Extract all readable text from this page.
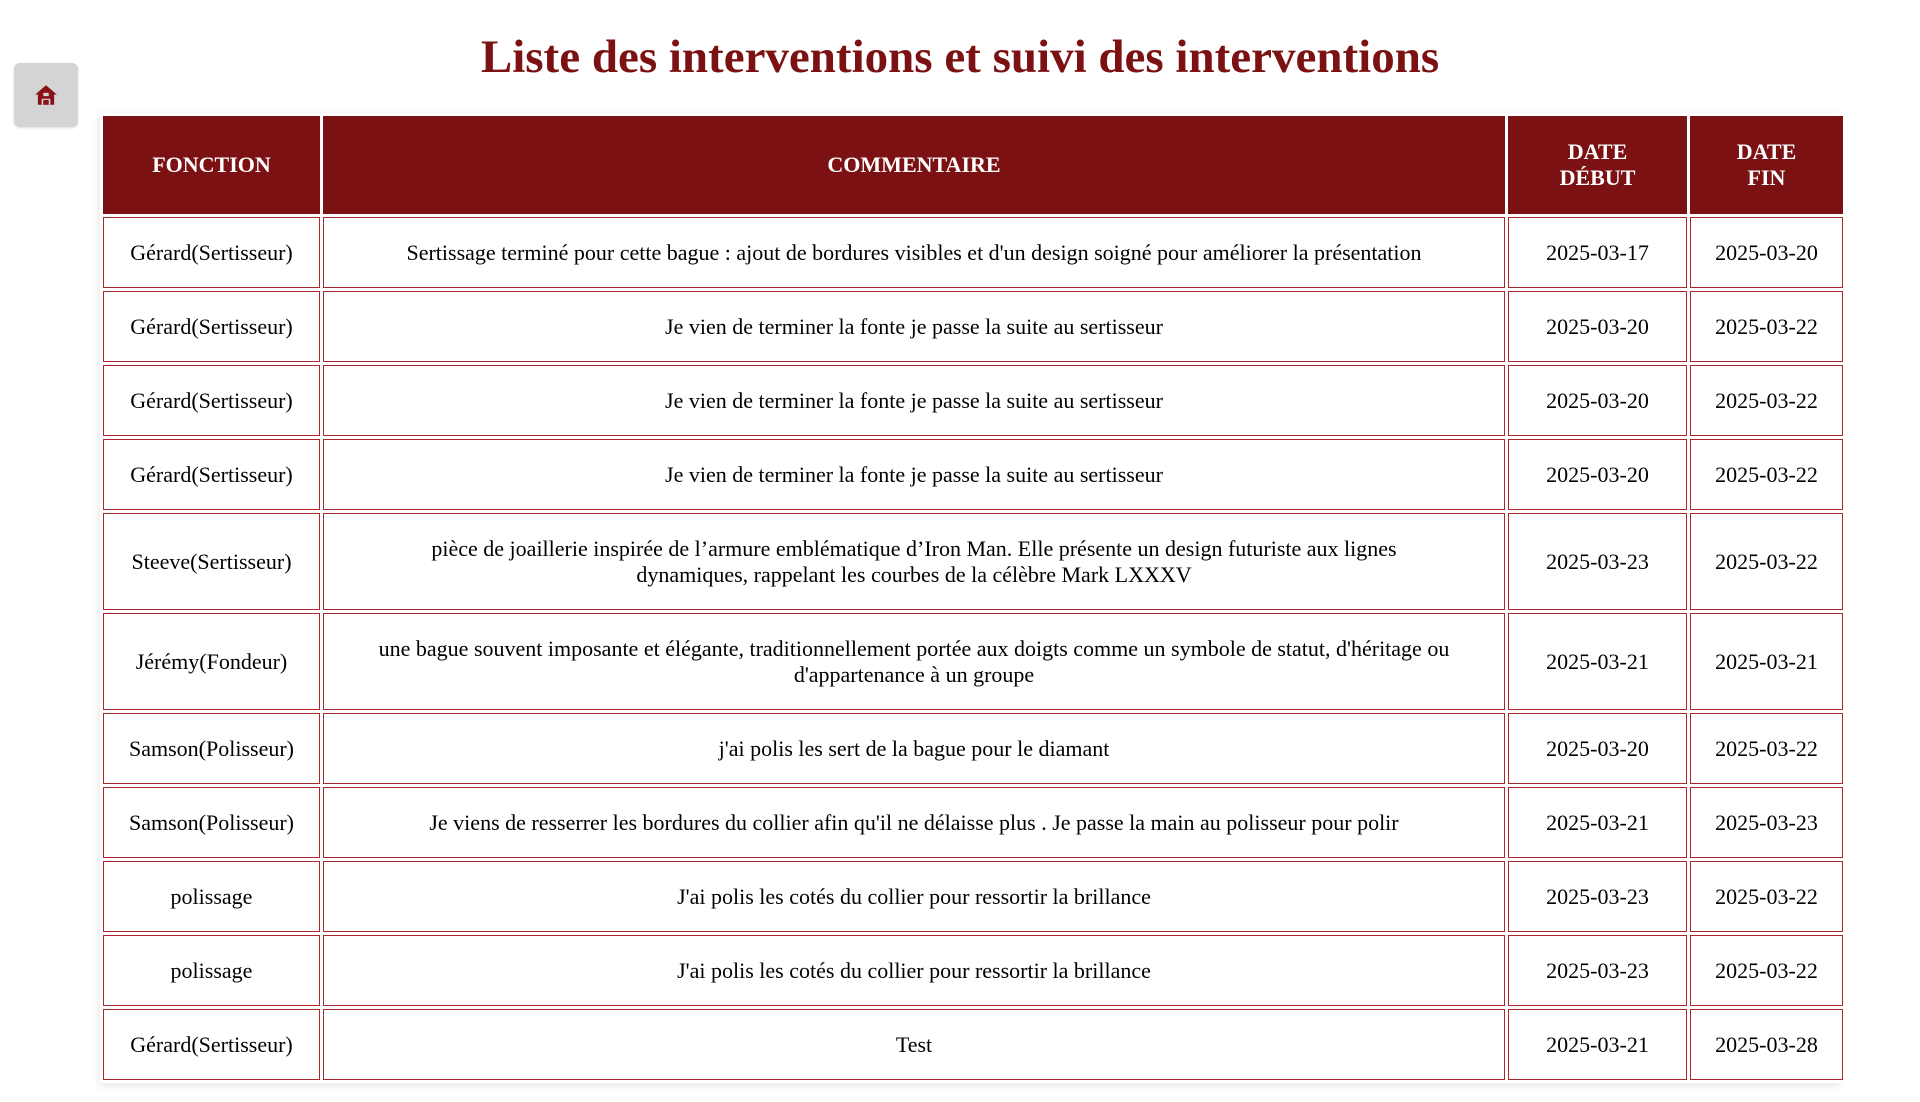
Liste des interventions et suivi des interventions
FONCTION	COMMENTAIRE	DATE DÉBUT	DATE FIN
Gérard(Sertisseur)	Sertissage terminé pour cette bague : ajout de bordures visibles et d'un design soigné pour améliorer la présentation	2025-03-17	2025-03-20
Gérard(Sertisseur)	Je vien de terminer la fonte je passe la suite au sertisseur	2025-03-20	2025-03-22
Gérard(Sertisseur)	Je vien de terminer la fonte je passe la suite au sertisseur	2025-03-20	2025-03-22
Gérard(Sertisseur)	Je vien de terminer la fonte je passe la suite au sertisseur	2025-03-20	2025-03-22
Steeve(Sertisseur)	pièce de joaillerie inspirée de l’armure emblématique d’Iron Man. Elle présente un design futuriste aux lignes dynamiques, rappelant les courbes de la célèbre Mark LXXXV	2025-03-23	2025-03-22
Jérémy(Fondeur)	une bague souvent imposante et élégante, traditionnellement portée aux doigts comme un symbole de statut, d'héritage ou d'appartenance à un groupe	2025-03-21	2025-03-21
Samson(Polisseur)	j'ai polis les sert de la bague pour le diamant	2025-03-20	2025-03-22
Samson(Polisseur)	Je viens de resserrer les bordures du collier afin qu'il ne délaisse plus . Je passe la main au polisseur pour polir	2025-03-21	2025-03-23
polissage	J'ai polis les cotés du collier pour ressortir la brillance	2025-03-23	2025-03-22
polissage	J'ai polis les cotés du collier pour ressortir la brillance	2025-03-23	2025-03-22
Gérard(Sertisseur)	Test	2025-03-21	2025-03-28
